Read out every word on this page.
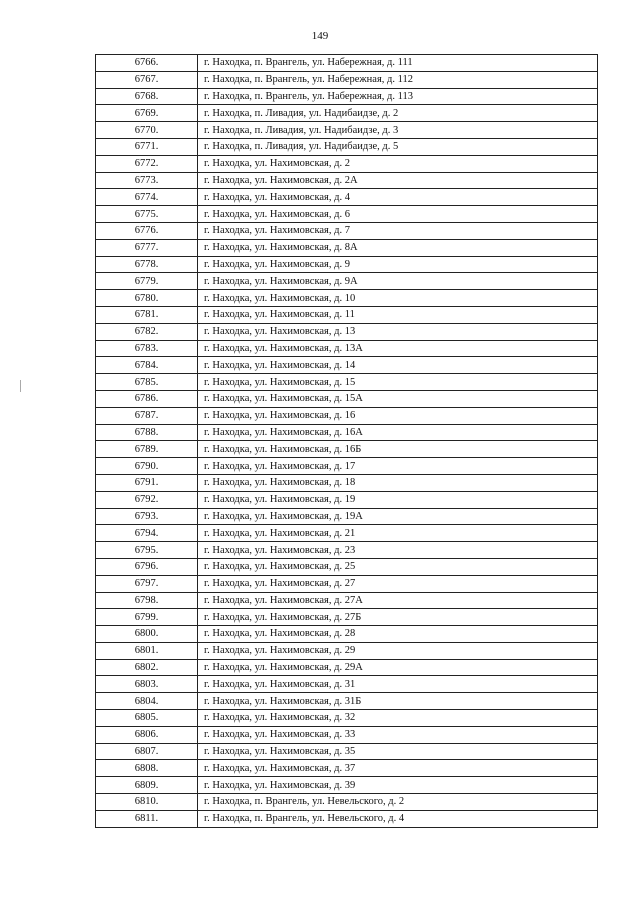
149
6766.	г. Находка, п. Врангель, ул. Набережная, д. 111
6767.	г. Находка, п. Врангель, ул. Набережная, д. 112
6768.	г. Находка, п. Врангель, ул. Набережная, д. 113
6769.	г. Находка, п. Ливадия, ул. Надибаидзе, д. 2
6770.	г. Находка, п. Ливадия, ул. Надибаидзе, д. 3
6771.	г. Находка, п. Ливадия, ул. Надибаидзе, д. 5
6772.	г. Находка, ул. Нахимовская, д. 2
6773.	г. Находка, ул. Нахимовская, д. 2А
6774.	г. Находка, ул. Нахимовская, д. 4
6775.	г. Находка, ул. Нахимовская, д. 6
6776.	г. Находка, ул. Нахимовская, д. 7
6777.	г. Находка, ул. Нахимовская, д. 8А
6778.	г. Находка, ул. Нахимовская, д. 9
6779.	г. Находка, ул. Нахимовская, д. 9А
6780.	г. Находка, ул. Нахимовская, д. 10
6781.	г. Находка, ул. Нахимовская, д. 11
6782.	г. Находка, ул. Нахимовская, д. 13
6783.	г. Находка, ул. Нахимовская, д. 13А
6784.	г. Находка, ул. Нахимовская, д. 14
6785.	г. Находка, ул. Нахимовская, д. 15
6786.	г. Находка, ул. Нахимовская, д. 15А
6787.	г. Находка, ул. Нахимовская, д. 16
6788.	г. Находка, ул. Нахимовская, д. 16А
6789.	г. Находка, ул. Нахимовская, д. 16Б
6790.	г. Находка, ул. Нахимовская, д. 17
6791.	г. Находка, ул. Нахимовская, д. 18
6792.	г. Находка, ул. Нахимовская, д. 19
6793.	г. Находка, ул. Нахимовская, д. 19А
6794.	г. Находка, ул. Нахимовская, д. 21
6795.	г. Находка, ул. Нахимовская, д. 23
6796.	г. Находка, ул. Нахимовская, д. 25
6797.	г. Находка, ул. Нахимовская, д. 27
6798.	г. Находка, ул. Нахимовская, д. 27А
6799.	г. Находка, ул. Нахимовская, д. 27Б
6800.	г. Находка, ул. Нахимовская, д. 28
6801.	г. Находка, ул. Нахимовская, д. 29
6802.	г. Находка, ул. Нахимовская, д. 29А
6803.	г. Находка, ул. Нахимовская, д. 31
6804.	г. Находка, ул. Нахимовская, д. 31Б
6805.	г. Находка, ул. Нахимовская, д. 32
6806.	г. Находка, ул. Нахимовская, д. 33
6807.	г. Находка, ул. Нахимовская, д. 35
6808.	г. Находка, ул. Нахимовская, д. 37
6809.	г. Находка, ул. Нахимовская, д. 39
6810.	г. Находка, п. Врангель, ул. Невельского, д. 2
6811.	г. Находка, п. Врангель, ул. Невельского, д. 4
